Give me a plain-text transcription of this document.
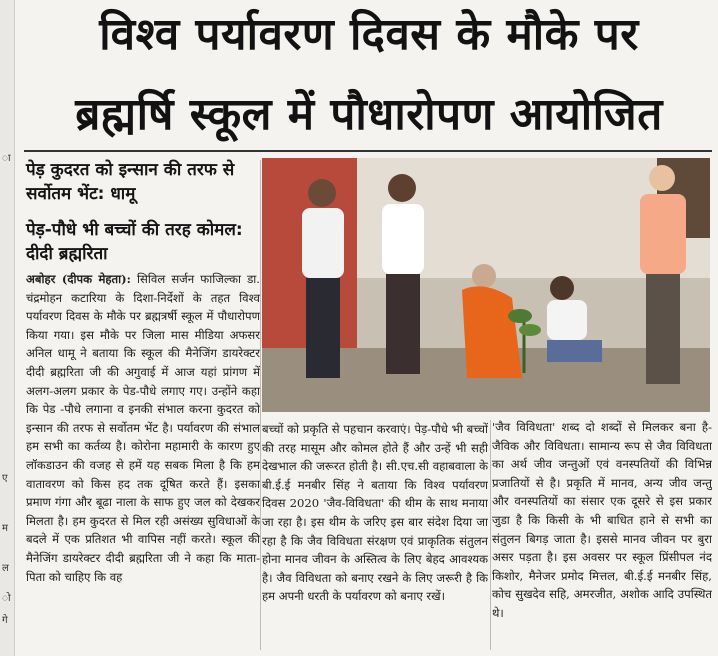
ा
ए
म
ल
ो
गे
विश्व पर्यावरण दिवस के मौके पर
ब्रह्मर्षि स्कूल में पौधारोपण आयोजित
पेड़ कुदरत को इन्सान की तरफ से सर्वोतम भेंट: धामू
पेड़-पौधे भी बच्चों की तरह कोमल: दीदी ब्रह्मरिता

अबोहर (दीपक मेहता): सिविल सर्जन फाजिल्का डा. चंद्रमोहन कटारिया के दिशा-निर्देशों के तहत विश्व पर्यावरण दिवस के मौके पर ब्रह्मत्रर्षी स्कूल में पौधारोपण किया गया। इस मौके पर जिला मास मीडिया अफसर अनिल धामू ने बताया कि स्कूल की मैनेजिंग डायरेक्टर दीदी ब्रह्मरिता जी की अगुवाई में आज यहां प्रांगण में अलग-अलग प्रकार के पेड-पौधे लगाए गए। उन्होंने कहा कि पेड -पौधे लगाना व इनकी संभाल करना कुदरत को इन्सान की तरफ से सर्वोतम भेंट है। पर्यावरण की संभाल हम सभी का कर्तव्य है। कोरोना महामारी के कारण हुए लॉकडाउन की वजह से हमें यह सबक मिला है कि हम वातावरण को किस हद तक दूषित करते हैं। इसका प्रमाण गंगा और बूढा नाला के साफ हुए जल को देखकर मिलता है। हम कुदरत से मिल रही असंख्य सुविधाओं के बदले में एक प्रतिशत भी वापिस नहीं करते। स्कूल की मैनेजिंग डायरेक्टर दीदी ब्रह्मरिता जी ने कहा कि माता-पिता को चाहिए कि वह

बच्चों को प्रकृति से पहचान करवाएं। पेड़-पौधे भी बच्चों की तरह मासूम और कोमल होते हैं और उन्हें भी सही देखभाल की जरूरत होती है। सी.एच.सी वहाबवाला के बी.ई.ई मनबीर सिंह ने बताया कि विश्व पर्यावरण दिवस 2020 'जैव-विविधता' की थीम के साथ मनाया जा रहा है। इस थीम के जरिए इस बार संदेश दिया जा रहा है कि जैव विविधता संरक्षण एवं प्राकृतिक संतुलन होना मानव जीवन के अस्तित्व के लिए बेहद आवश्यक है। जैव विविधता को बनाए रखने के लिए जरूरी है कि हम अपनी धरती के पर्यावरण को बनाए रखें।

'जैव विविधता' शब्द दो शब्दों से मिलकर बना है- जैविक और विविधता। सामान्य रूप से जैव विविधता का अर्थ जीव जन्तुओं एवं वनस्पतियों की विभिन्न प्रजातियों से है। प्रकृति में मानव, अन्य जीव जन्तु और वनस्पतियों का संसार एक दूसरे से इस प्रकार जुडा है कि किसी के भी बाधित हाने से सभी का संतुलन बिगड़ जाता है। इससे मानव जीवन पर बुरा असर पड़ता है। इस अवसर पर स्कूल प्रिंसीपल नंद किशोर, मैनेजर प्रमोद मित्तल, बी.ई.ई मनबीर सिंह, कोच सुखदेव सहि, अमरजीत, अशोक आदि उपस्थित थे।
